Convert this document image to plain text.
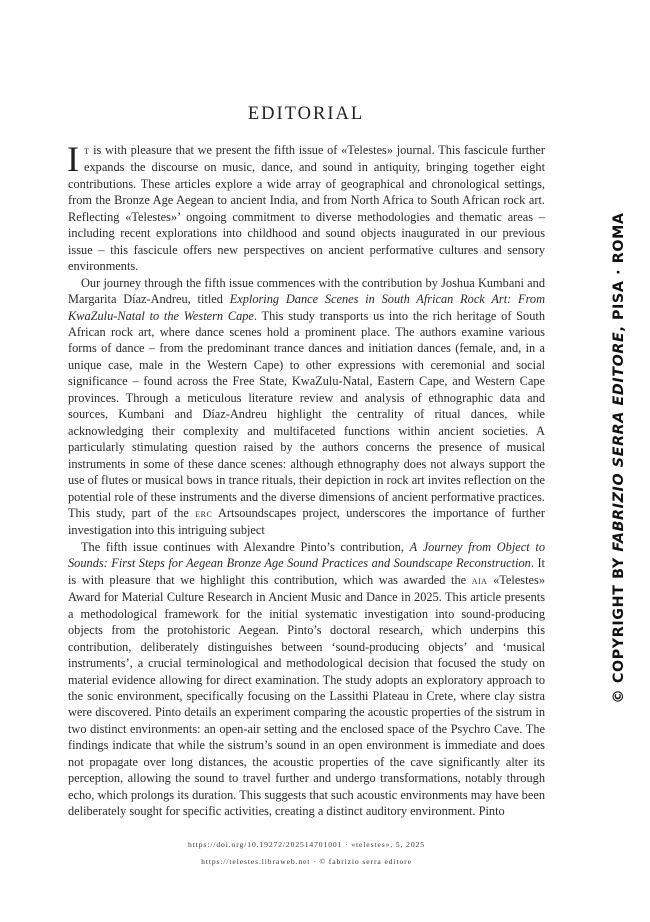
EDITORIAL

It is with pleasure that we present the fifth issue of «Telestes» journal. This fascicule further expands the discourse on music, dance, and sound in antiquity, bringing together eight contributions. These articles explore a wide array of geographical and chronological settings, from the Bronze Age Aegean to ancient India, and from North Africa to South African rock art. Reflecting «Telestes»’ ongoing commitment to diverse methodologies and thematic areas – including recent explorations into childhood and sound objects inaugurated in our previous issue – this fascicule offers new perspectives on ancient performative cultures and sensory environments.

Our journey through the fifth issue commences with the contribution by Joshua Kumbani and Margarita Díaz-Andreu, titled Exploring Dance Scenes in South African Rock Art: From KwaZulu-Natal to the Western Cape. This study transports us into the rich heritage of South African rock art, where dance scenes hold a prominent place. The authors examine various forms of dance – from the predominant trance dances and initiation dances (female, and, in a unique case, male in the Western Cape) to other expressions with ceremonial and social significance – found across the Free State, KwaZulu-Natal, Eastern Cape, and Western Cape provinces. Through a meticulous literature review and analysis of ethnographic data and sources, Kumbani and Díaz-Andreu highlight the centrality of ritual dances, while acknowledging their complexity and multifaceted functions within ancient societies. A particularly stimulating question raised by the authors concerns the presence of musical instruments in some of these dance scenes: although ethnography does not always support the use of flutes or musical bows in trance rituals, their depiction in rock art invites reflection on the potential role of these instruments and the diverse dimensions of ancient performative practices. This study, part of the erc Artsoundscapes project, underscores the importance of further investigation into this intriguing subject

The fifth issue continues with Alexandre Pinto’s contribution, A Journey from Object to Sounds: First Steps for Aegean Bronze Age Sound Practices and Soundscape Reconstruction. It is with pleasure that we highlight this contribution, which was awarded the aia «Telestes» Award for Material Culture Research in Ancient Music and Dance in 2025. This article presents a methodological framework for the initial systematic investigation into sound-producing objects from the protohistoric Aegean. Pinto’s doctoral research, which underpins this contribution, deliberately distinguishes between ‘sound-producing objects’ and ‘musical instruments’, a crucial terminological and methodological decision that focused the study on material evidence allowing for direct examination. The study adopts an exploratory approach to the sonic environment, specifically focusing on the Lassithi Plateau in Crete, where clay sistra were discovered. Pinto details an experiment comparing the acoustic properties of the sistrum in two distinct environments: an open-air setting and the enclosed space of the Psychro Cave. The findings indicate that while the sistrum’s sound in an open environment is immediate and does not propagate over long distances, the acoustic properties of the cave significantly alter its perception, allowing the sound to travel further and undergo transformations, notably through echo, which prolongs its duration. This suggests that such acoustic environments may have been deliberately sought for specific activities, creating a distinct auditory environment. Pinto

https://doi.org/10.19272/202514701001 · «telestes», 5, 2025
https://telestes.libraweb.net · © fabrizio serra editore
© COPYRIGHT BY FABRIZIO SERRA EDITORE, PISA · ROMA
